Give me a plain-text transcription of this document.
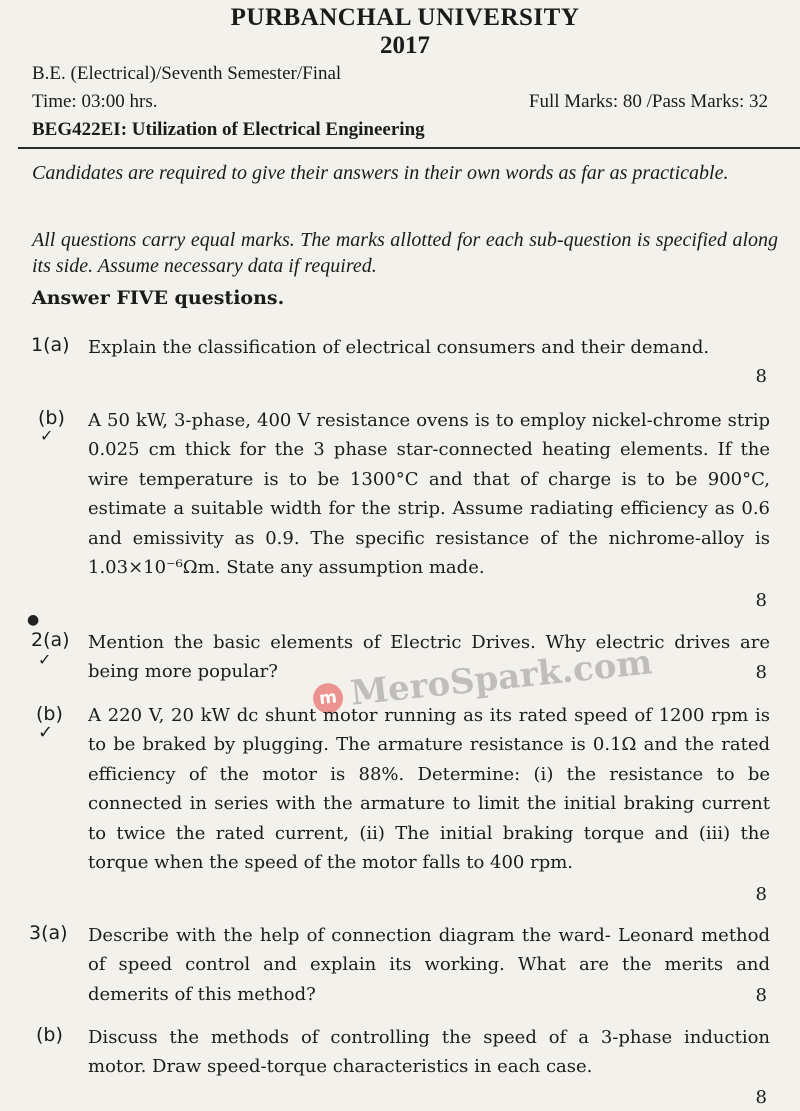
PURBANCHAL UNIVERSITY
2017
B.E. (Electrical)/Seventh Semester/Final
Time: 03:00 hrs.	Full Marks: 80 /Pass Marks: 32
BEG422EI: Utilization of Electrical Engineering
Candidates are required to give their answers in their own words as far as practicable.
All questions carry equal marks. The marks allotted for each sub-question is specified along its side. Assume necessary data if required.
Answer FIVE questions.
1(a) Explain the classification of electrical consumers and their demand.
8
(b)
✓
A 50 kW, 3-phase, 400 V resistance ovens is to employ nickel-chrome strip 0.025 cm thick for the 3 phase star-connected heating elements. If the wire temperature is to be 1300°C and that of charge is to be 900°C, estimate a suitable width for the strip. Assume radiating efficiency as 0.6 and emissivity as 0.9. The specific resistance of the nichrome-alloy is 1.03×10⁻⁶Ωm. State any assumption made.
8
●
2(a)
✓
Mention the basic elements of Electric Drives. Why electric drives are being more popular?	8
m MeroSpark.com
(b)
✓
A 220 V, 20 kW dc shunt motor running as its rated speed of 1200 rpm is to be braked by plugging. The armature resistance is 0.1Ω and the rated efficiency of the motor is 88%. Determine: (i) the resistance to be connected in series with the armature to limit the initial braking current to twice the rated current, (ii) The initial braking torque and (iii) the torque when the speed of the motor falls to 400 rpm.
8
3(a) Describe with the help of connection diagram the ward- Leonard method of speed control and explain its working. What are the merits and demerits of this method?	8
(b) Discuss the methods of controlling the speed of a 3-phase induction motor. Draw speed-torque characteristics in each case.
8
